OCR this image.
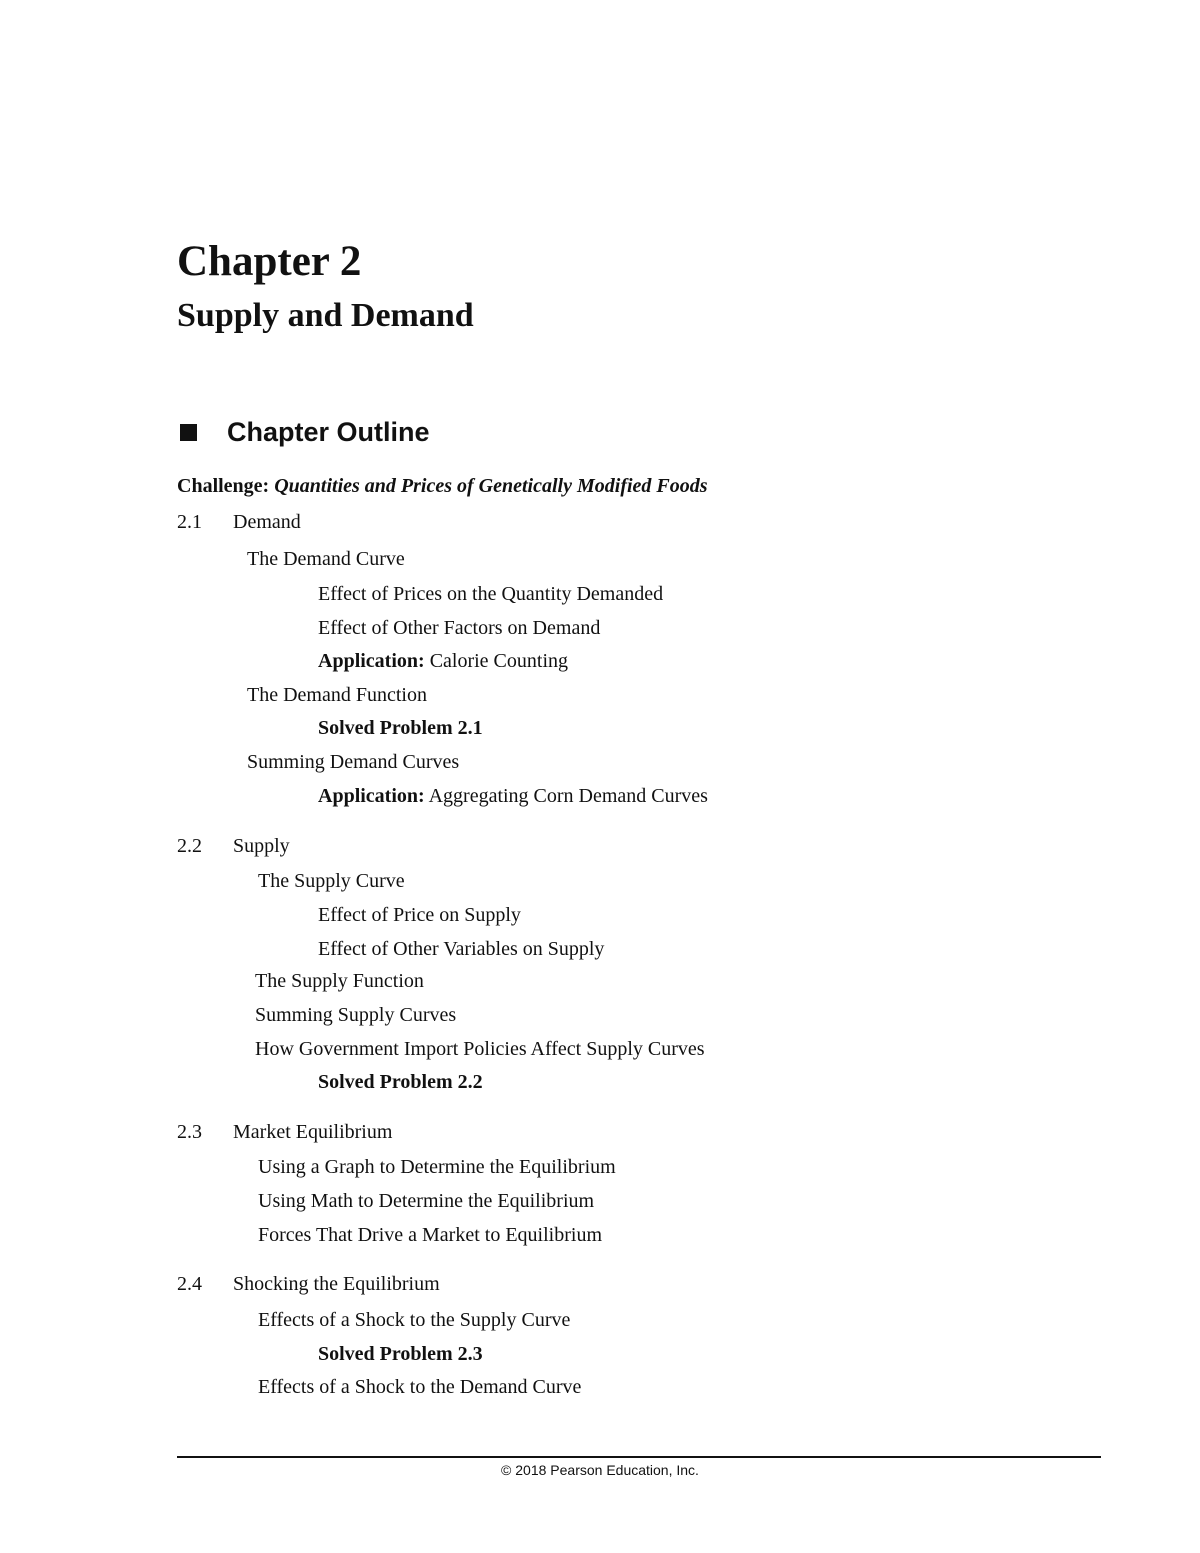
Chapter 2
Supply and Demand
Chapter Outline
Challenge: Quantities and Prices of Genetically Modified Foods
2.1 Demand
The Demand Curve
Effect of Prices on the Quantity Demanded
Effect of Other Factors on Demand
Application: Calorie Counting
The Demand Function
Solved Problem 2.1
Summing Demand Curves
Application: Aggregating Corn Demand Curves
2.2 Supply
The Supply Curve
Effect of Price on Supply
Effect of Other Variables on Supply
The Supply Function
Summing Supply Curves
How Government Import Policies Affect Supply Curves
Solved Problem 2.2
2.3 Market Equilibrium
Using a Graph to Determine the Equilibrium
Using Math to Determine the Equilibrium
Forces That Drive a Market to Equilibrium
2.4 Shocking the Equilibrium
Effects of a Shock to the Supply Curve
Solved Problem 2.3
Effects of a Shock to the Demand Curve
© 2018 Pearson Education, Inc.
